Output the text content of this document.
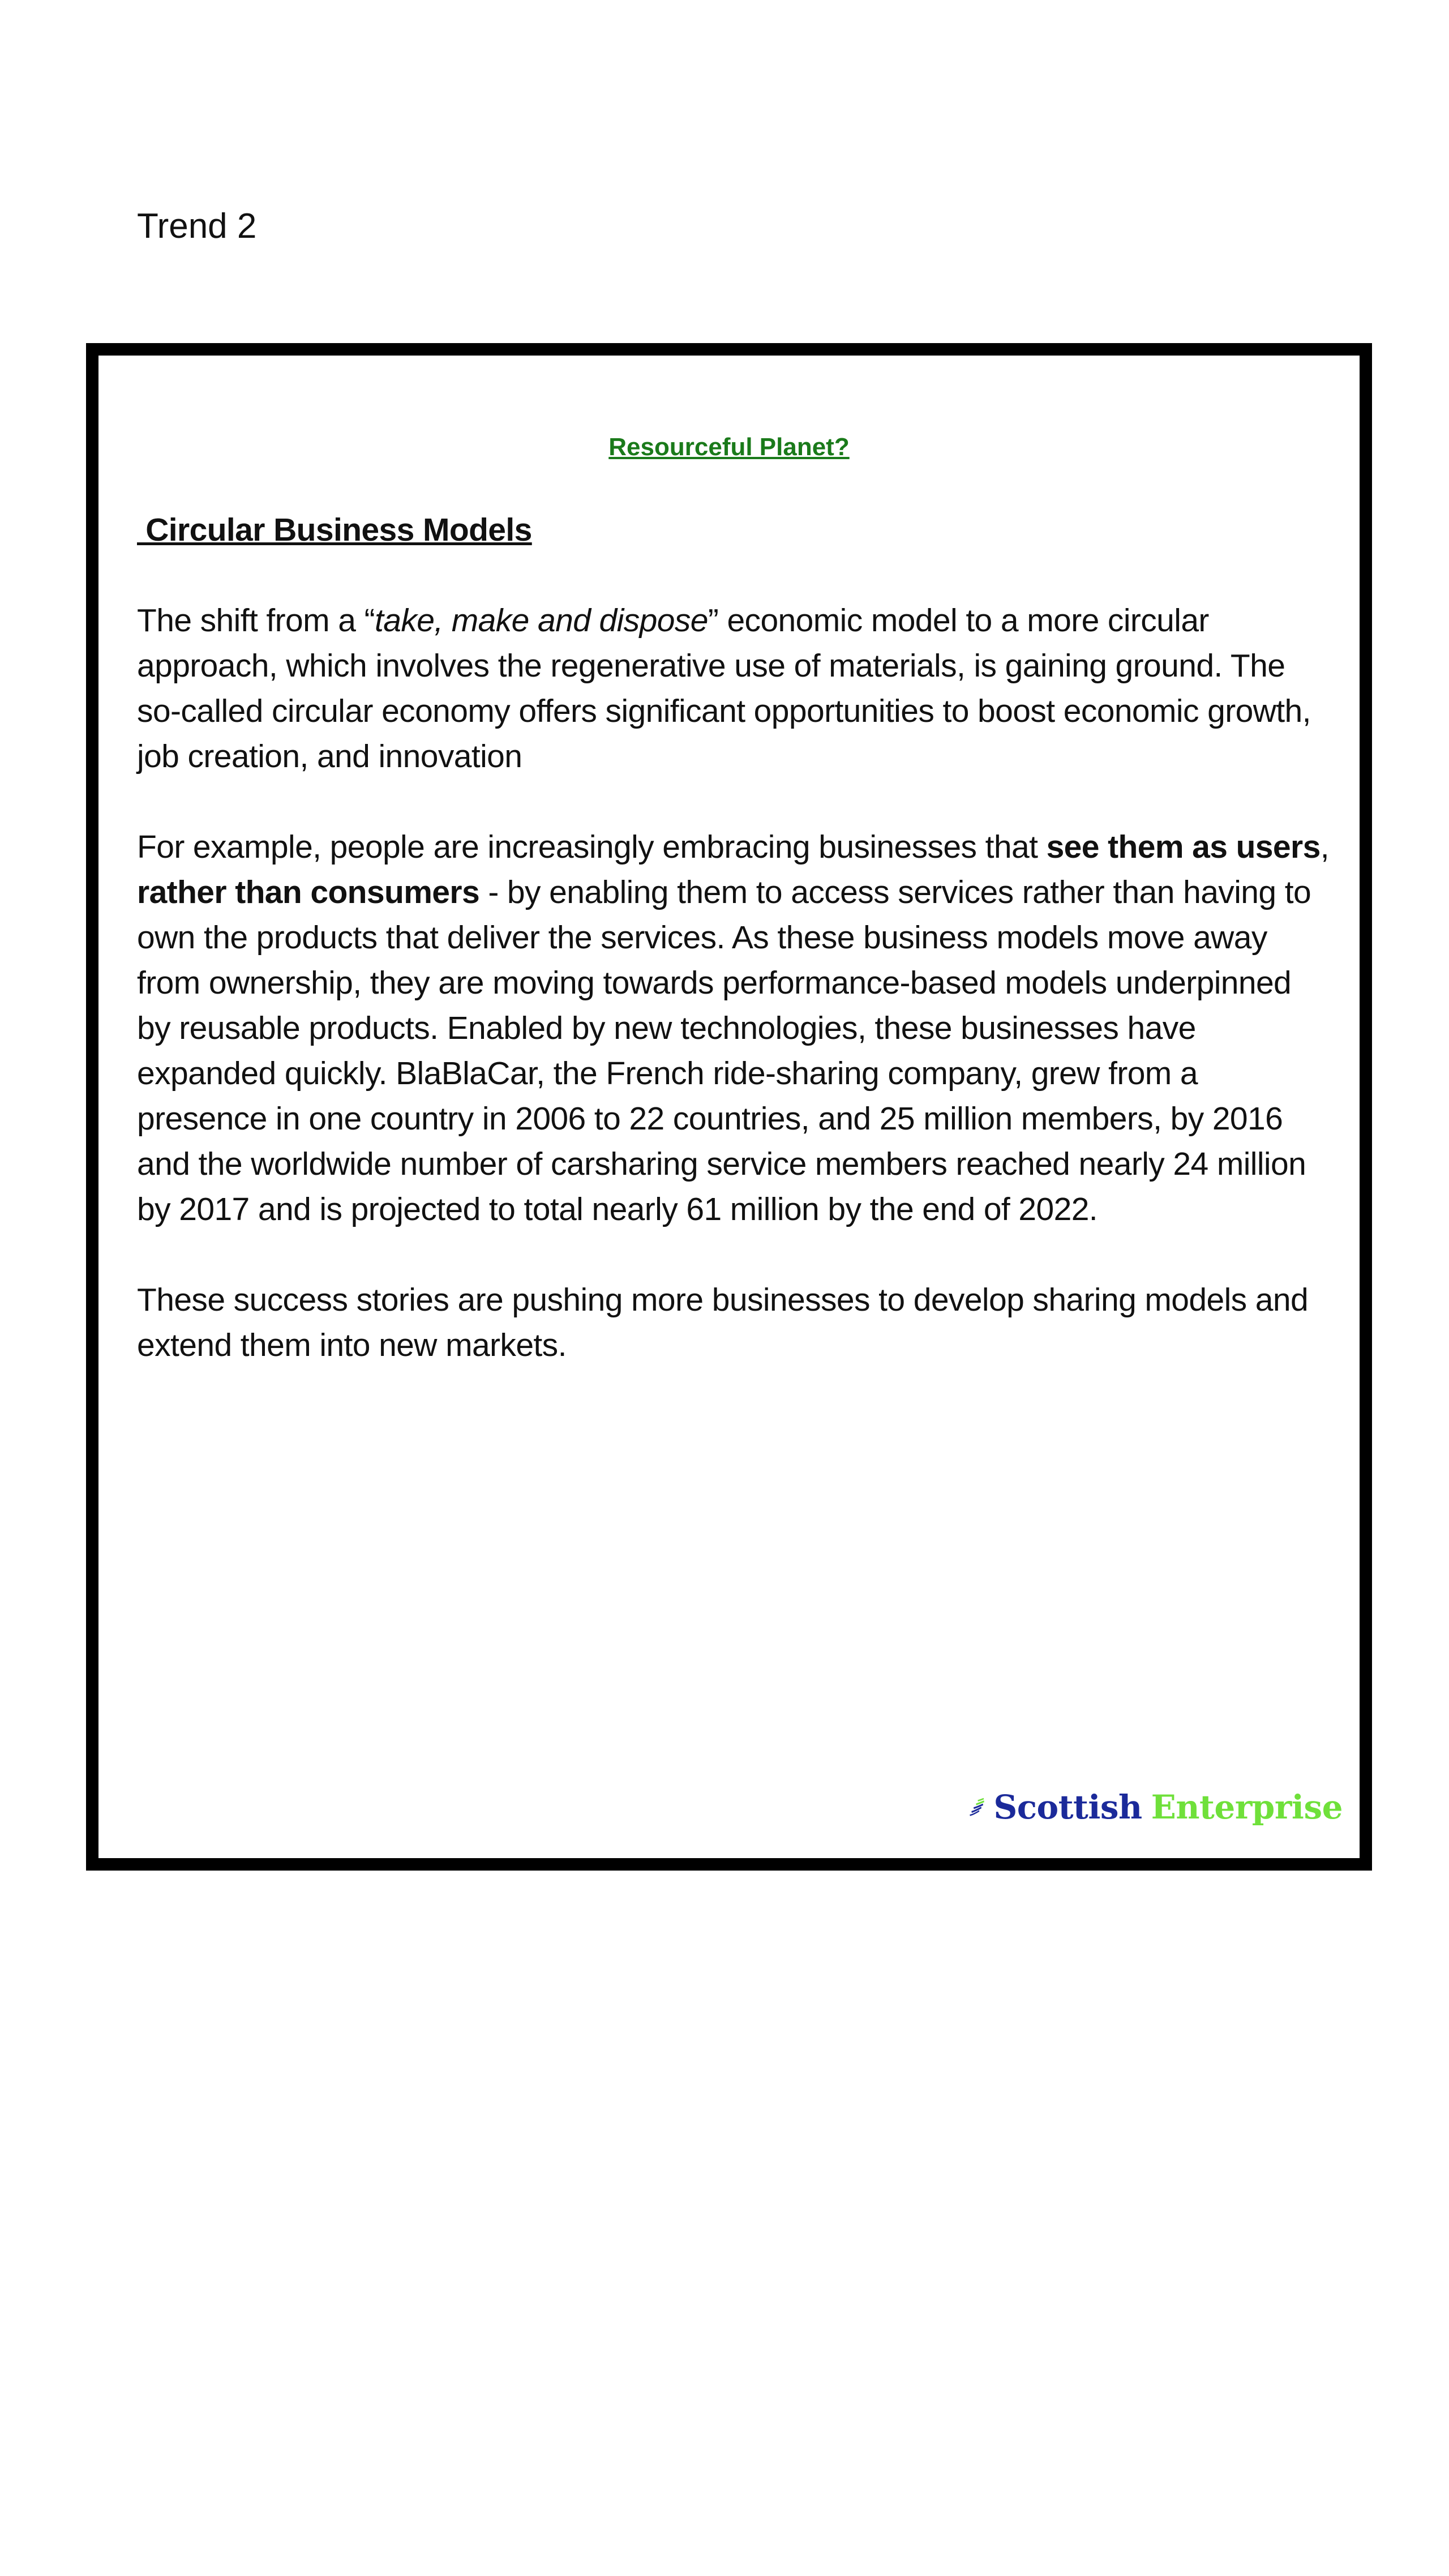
Trend 2
Resourceful Planet?

Circular Business Models

The shift from a “take, make and dispose” economic model to a more circular approach, which involves the regenerative use of materials, is gaining ground. The so-called circular economy offers significant opportunities to boost economic growth, job creation, and innovation

For example, people are increasingly embracing businesses that see them as users, rather than consumers - by enabling them to access services rather than having to own the products that deliver the services. As these business models move away from ownership, they are moving towards performance-based models underpinned by reusable products. Enabled by new technologies, these businesses have expanded quickly. BlaBlaCar, the French ride-sharing company, grew from a presence in one country in 2006 to 22 countries, and 25 million members, by 2016 and the worldwide number of carsharing service members reached nearly 24 million by 2017 and is projected to total nearly 61 million by the end of 2022.

These success stories are pushing more businesses to develop sharing models and extend them into new markets.

Scottish Enterprise
